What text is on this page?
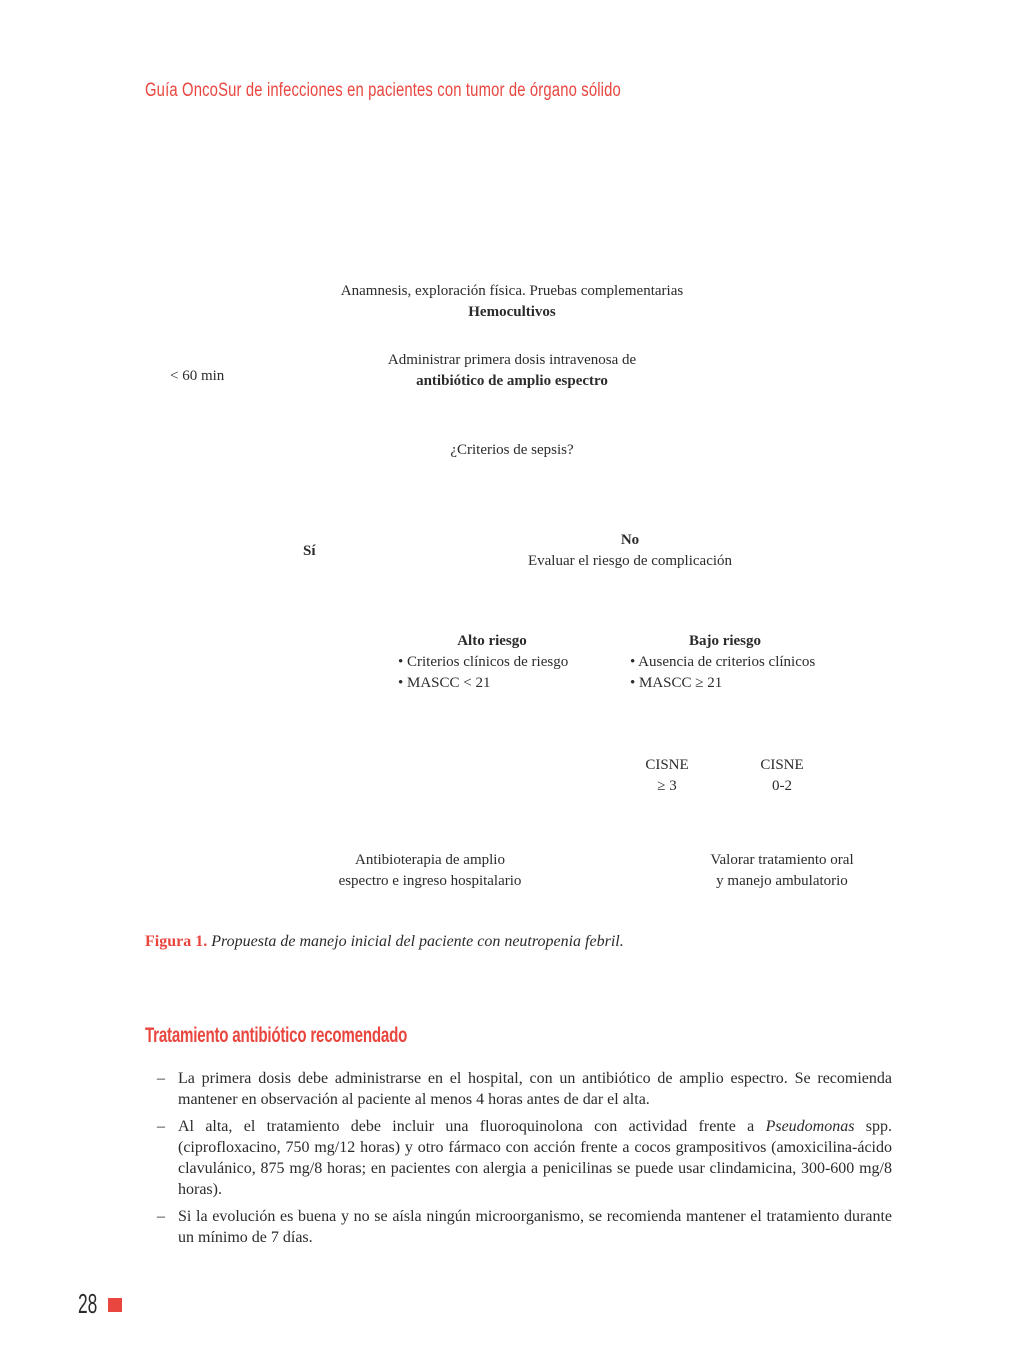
Guía OncoSur de infecciones en pacientes con tumor de órgano sólido
Anamnesis, exploración física. Pruebas complementarias
Hemocultivos
< 60 min
Administrar primera dosis intravenosa de
antibiótico de amplio espectro
¿Criterios de sepsis?
Sí
No
Evaluar el riesgo de complicación
Alto riesgo
• Criterios clínicos de riesgo
• MASCC < 21
Bajo riesgo
• Ausencia de criterios clínicos
• MASCC ≥ 21
CISNE
≥ 3
CISNE
0-2
Antibioterapia de amplio
espectro e ingreso hospitalario
Valorar tratamiento oral
y manejo ambulatorio
Figura 1. Propuesta de manejo inicial del paciente con neutropenia febril.
Tratamiento antibiótico recomendado
– La primera dosis debe administrarse en el hospital, con un antibiótico de amplio espectro. Se recomienda mantener en observación al paciente al menos 4 horas antes de dar el alta.
– Al alta, el tratamiento debe incluir una fluoroquinolona con actividad frente a Pseudomonas spp. (ciprofloxacino, 750 mg/12 horas) y otro fármaco con acción frente a cocos grampositivos (amoxicilina-ácido clavulánico, 875 mg/8 horas; en pacientes con alergia a penicilinas se puede usar clindamicina, 300-600 mg/8 horas).
– Si la evolución es buena y no se aísla ningún microorganismo, se recomienda mantener el tratamiento durante un mínimo de 7 días.
28
